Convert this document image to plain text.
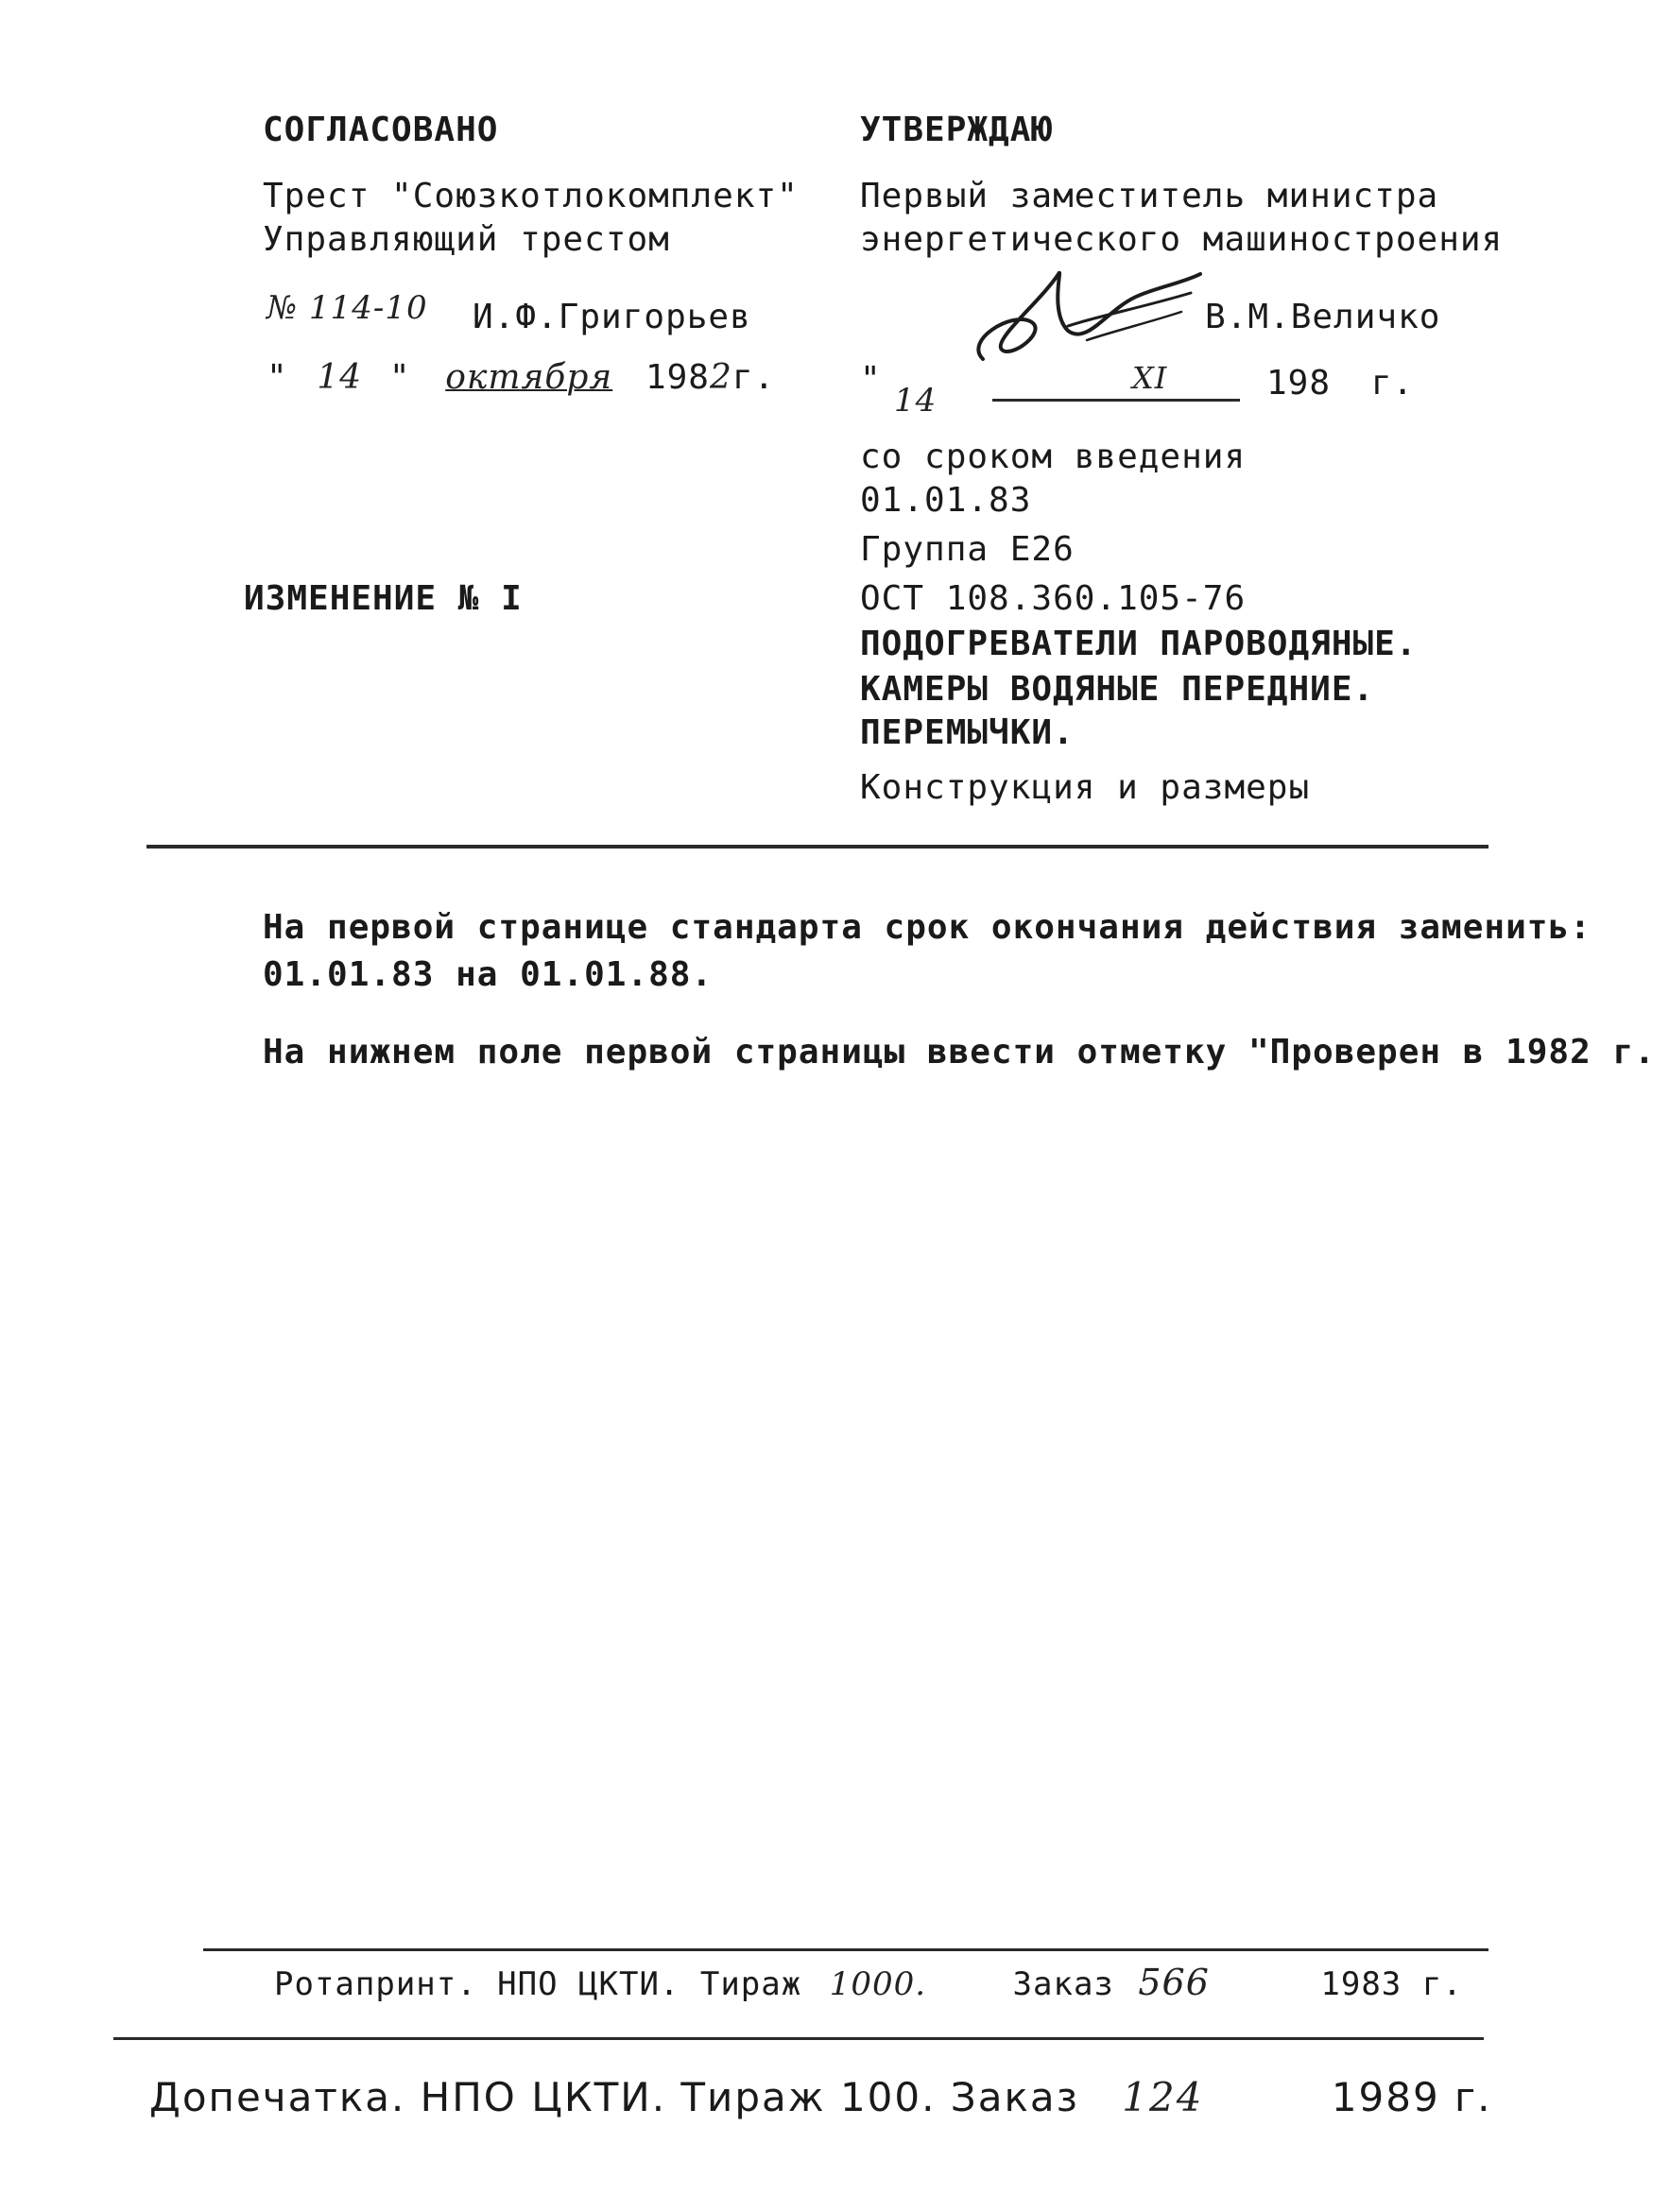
СОГЛАСОВАНО
Трест "Союзкотлокомплект"
Управляющий трестом
№ 114-10 И.Ф.Григорьев
" 14 " октября 1982г.
ИЗМЕНЕНИЕ № I
УТВЕРЖДАЮ
Первый заместитель министра
энергетического машиностроения
В.М.Величко
"
14
XI	198 г.
со сроком введения
01.01.83
Группа Е26
ОСТ 108.360.105-76
ПОДОГРЕВАТЕЛИ ПАРОВОДЯНЫЕ.
КАМЕРЫ ВОДЯНЫЕ ПЕРЕДНИЕ.
ПЕРЕМЫЧКИ.
Конструкция и размеры
На первой странице стандарта срок окончания действия заменить:
01.01.83 на 01.01.88.
На нижнем поле первой страницы ввести отметку "Проверен в 1982 г.
Ротапринт. НПО ЦКТИ. Тираж 1000.	Заказ 566	1983 г.
Допечатка. НПО ЦКТИ. Тираж 100. Заказ 124	1989 г.
